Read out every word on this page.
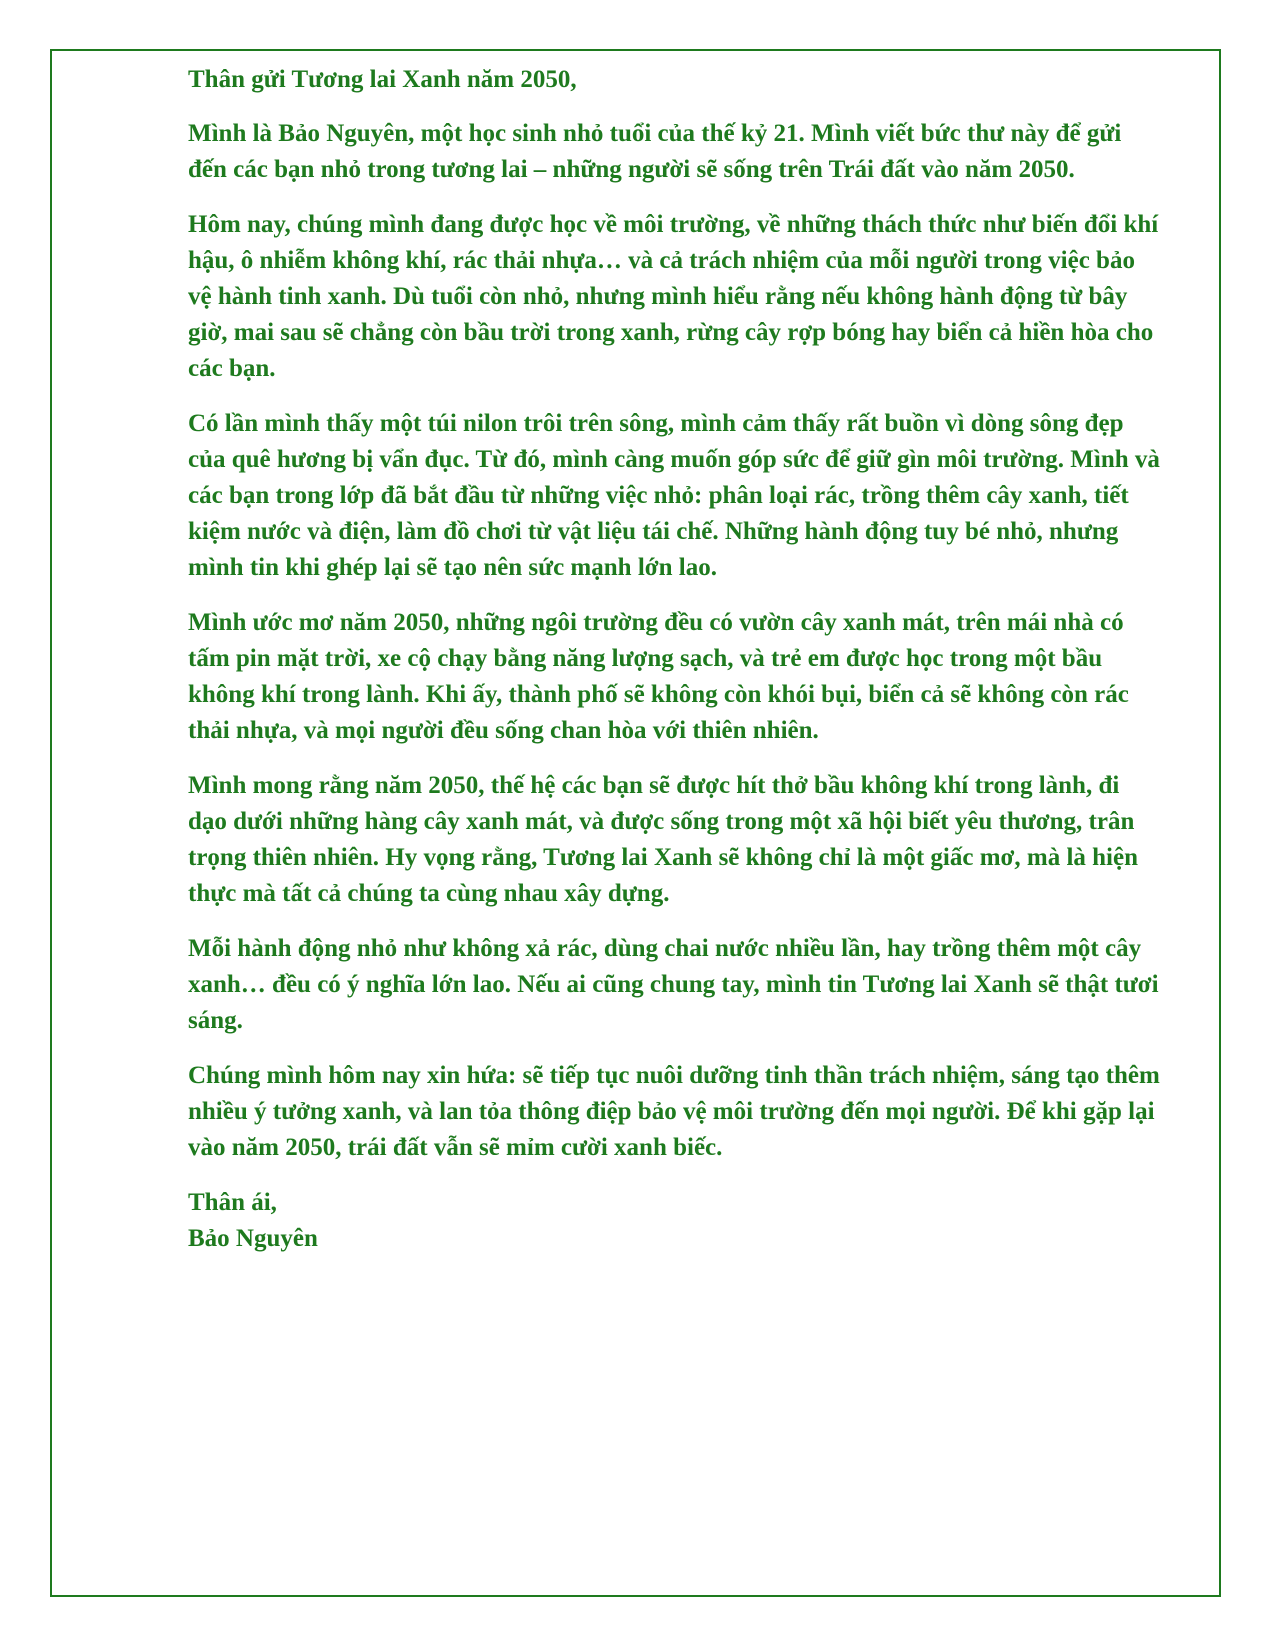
Thân gửi Tương lai Xanh năm 2050,

Mình là Bảo Nguyên, một học sinh nhỏ tuổi của thế kỷ 21. Mình viết bức thư này để gửi đến các bạn nhỏ trong tương lai – những người sẽ sống trên Trái đất vào năm 2050.

Hôm nay, chúng mình đang được học về môi trường, về những thách thức như biến đổi khí hậu, ô nhiễm không khí, rác thải nhựa… và cả trách nhiệm của mỗi người trong việc bảo vệ hành tinh xanh. Dù tuổi còn nhỏ, nhưng mình hiểu rằng nếu không hành động từ bây giờ, mai sau sẽ chẳng còn bầu trời trong xanh, rừng cây rợp bóng hay biển cả hiền hòa cho các bạn.

Có lần mình thấy một túi nilon trôi trên sông, mình cảm thấy rất buồn vì dòng sông đẹp của quê hương bị vẩn đục. Từ đó, mình càng muốn góp sức để giữ gìn môi trường. Mình và các bạn trong lớp đã bắt đầu từ những việc nhỏ: phân loại rác, trồng thêm cây xanh, tiết kiệm nước và điện, làm đồ chơi từ vật liệu tái chế. Những hành động tuy bé nhỏ, nhưng mình tin khi ghép lại sẽ tạo nên sức mạnh lớn lao.

Mình ước mơ năm 2050, những ngôi trường đều có vườn cây xanh mát, trên mái nhà có tấm pin mặt trời, xe cộ chạy bằng năng lượng sạch, và trẻ em được học trong một bầu không khí trong lành. Khi ấy, thành phố sẽ không còn khói bụi, biển cả sẽ không còn rác thải nhựa, và mọi người đều sống chan hòa với thiên nhiên.

Mình mong rằng năm 2050, thế hệ các bạn sẽ được hít thở bầu không khí trong lành, đi dạo dưới những hàng cây xanh mát, và được sống trong một xã hội biết yêu thương, trân trọng thiên nhiên. Hy vọng rằng, Tương lai Xanh sẽ không chỉ là một giấc mơ, mà là hiện thực mà tất cả chúng ta cùng nhau xây dựng.

Mỗi hành động nhỏ như không xả rác, dùng chai nước nhiều lần, hay trồng thêm một cây xanh… đều có ý nghĩa lớn lao. Nếu ai cũng chung tay, mình tin Tương lai Xanh sẽ thật tươi sáng.

Chúng mình hôm nay xin hứa: sẽ tiếp tục nuôi dưỡng tinh thần trách nhiệm, sáng tạo thêm nhiều ý tưởng xanh, và lan tỏa thông điệp bảo vệ môi trường đến mọi người. Để khi gặp lại vào năm 2050, trái đất vẫn sẽ mỉm cười xanh biếc.

Thân ái,
Bảo Nguyên
